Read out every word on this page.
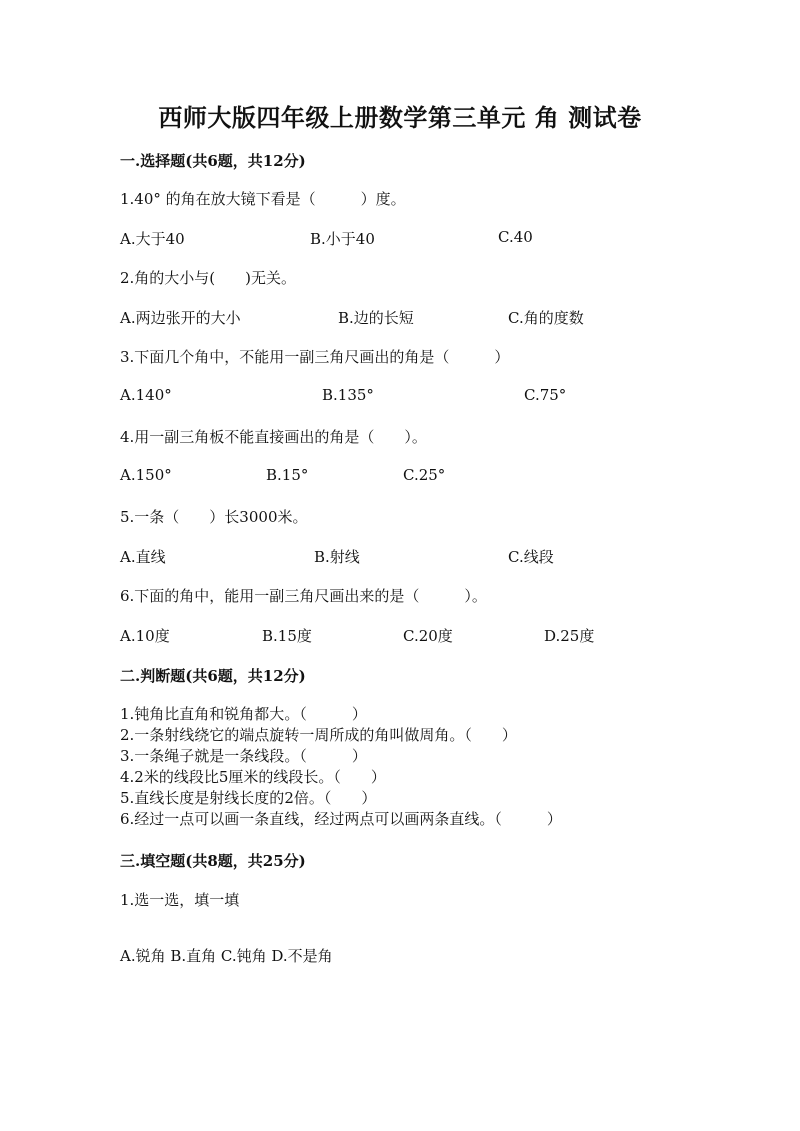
西师大版四年级上册数学第三单元 角 测试卷
一.选择题(共6题，共12分)
1.40° 的角在放大镜下看是（　　　）度。
A.大于40	B.小于40	C.40
2.角的大小与(　　)无关。
A.两边张开的大小	B.边的长短	C.角的度数
3.下面几个角中，不能用一副三角尺画出的角是（　　　）
A.140°	B.135°	C.75°
4.用一副三角板不能直接画出的角是（　　）。
A.150°	B.15°	C.25°
5.一条（　　）长3000米。
A.直线	B.射线	C.线段
6.下面的角中，能用一副三角尺画出来的是（　　　）。
A.10度	B.15度	C.20度	D.25度
二.判断题(共6题，共12分)
1.钝角比直角和锐角都大。（　　　）
2.一条射线绕它的端点旋转一周所成的角叫做周角。（　　）
3.一条绳子就是一条线段。（　　　）
4.2米的线段比5厘米的线段长。（　　）
5.直线长度是射线长度的2倍。（　　）
6.经过一点可以画一条直线，经过两点可以画两条直线。（　　　）
三.填空题(共8题，共25分)
1.选一选，填一填
A.锐角 B.直角 C.钝角 D.不是角
